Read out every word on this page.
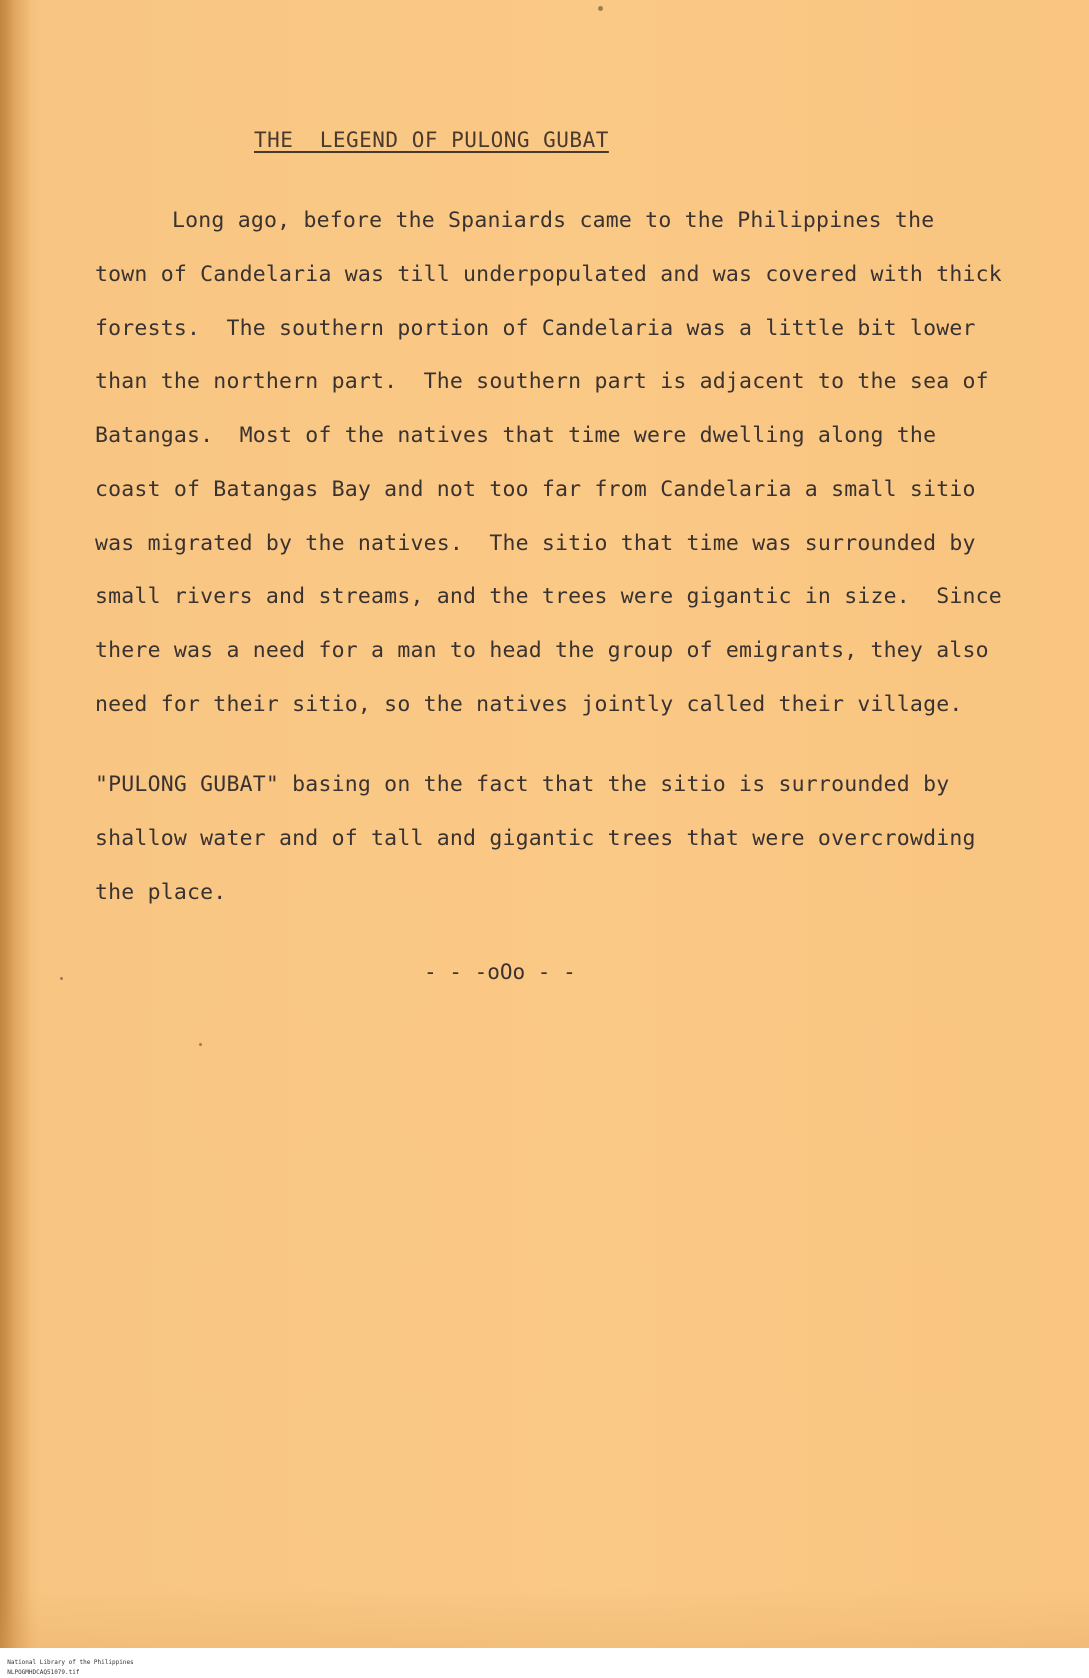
THE  LEGEND OF PULONG GUBAT
Long ago, before the Spaniards came to the Philippines the
town of Candelaria was till underpopulated and was covered with thick
forests.  The southern portion of Candelaria was a little bit lower
than the northern part.  The southern part is adjacent to the sea of
Batangas.  Most of the natives that time were dwelling along the
coast of Batangas Bay and not too far from Candelaria a small sitio
was migrated by the natives.  The sitio that time was surrounded by
small rivers and streams, and the trees were gigantic in size.  Since
there was a need for a man to head the group of emigrants, they also
need for their sitio, so the natives jointly called their village.
"PULONG GUBAT" basing on the fact that the sitio is surrounded by
shallow water and of tall and gigantic trees that were overcrowding
the place.
- - -oOo - -

National Library of the Philippines
NLPOGMHDCAQ51079.tif
